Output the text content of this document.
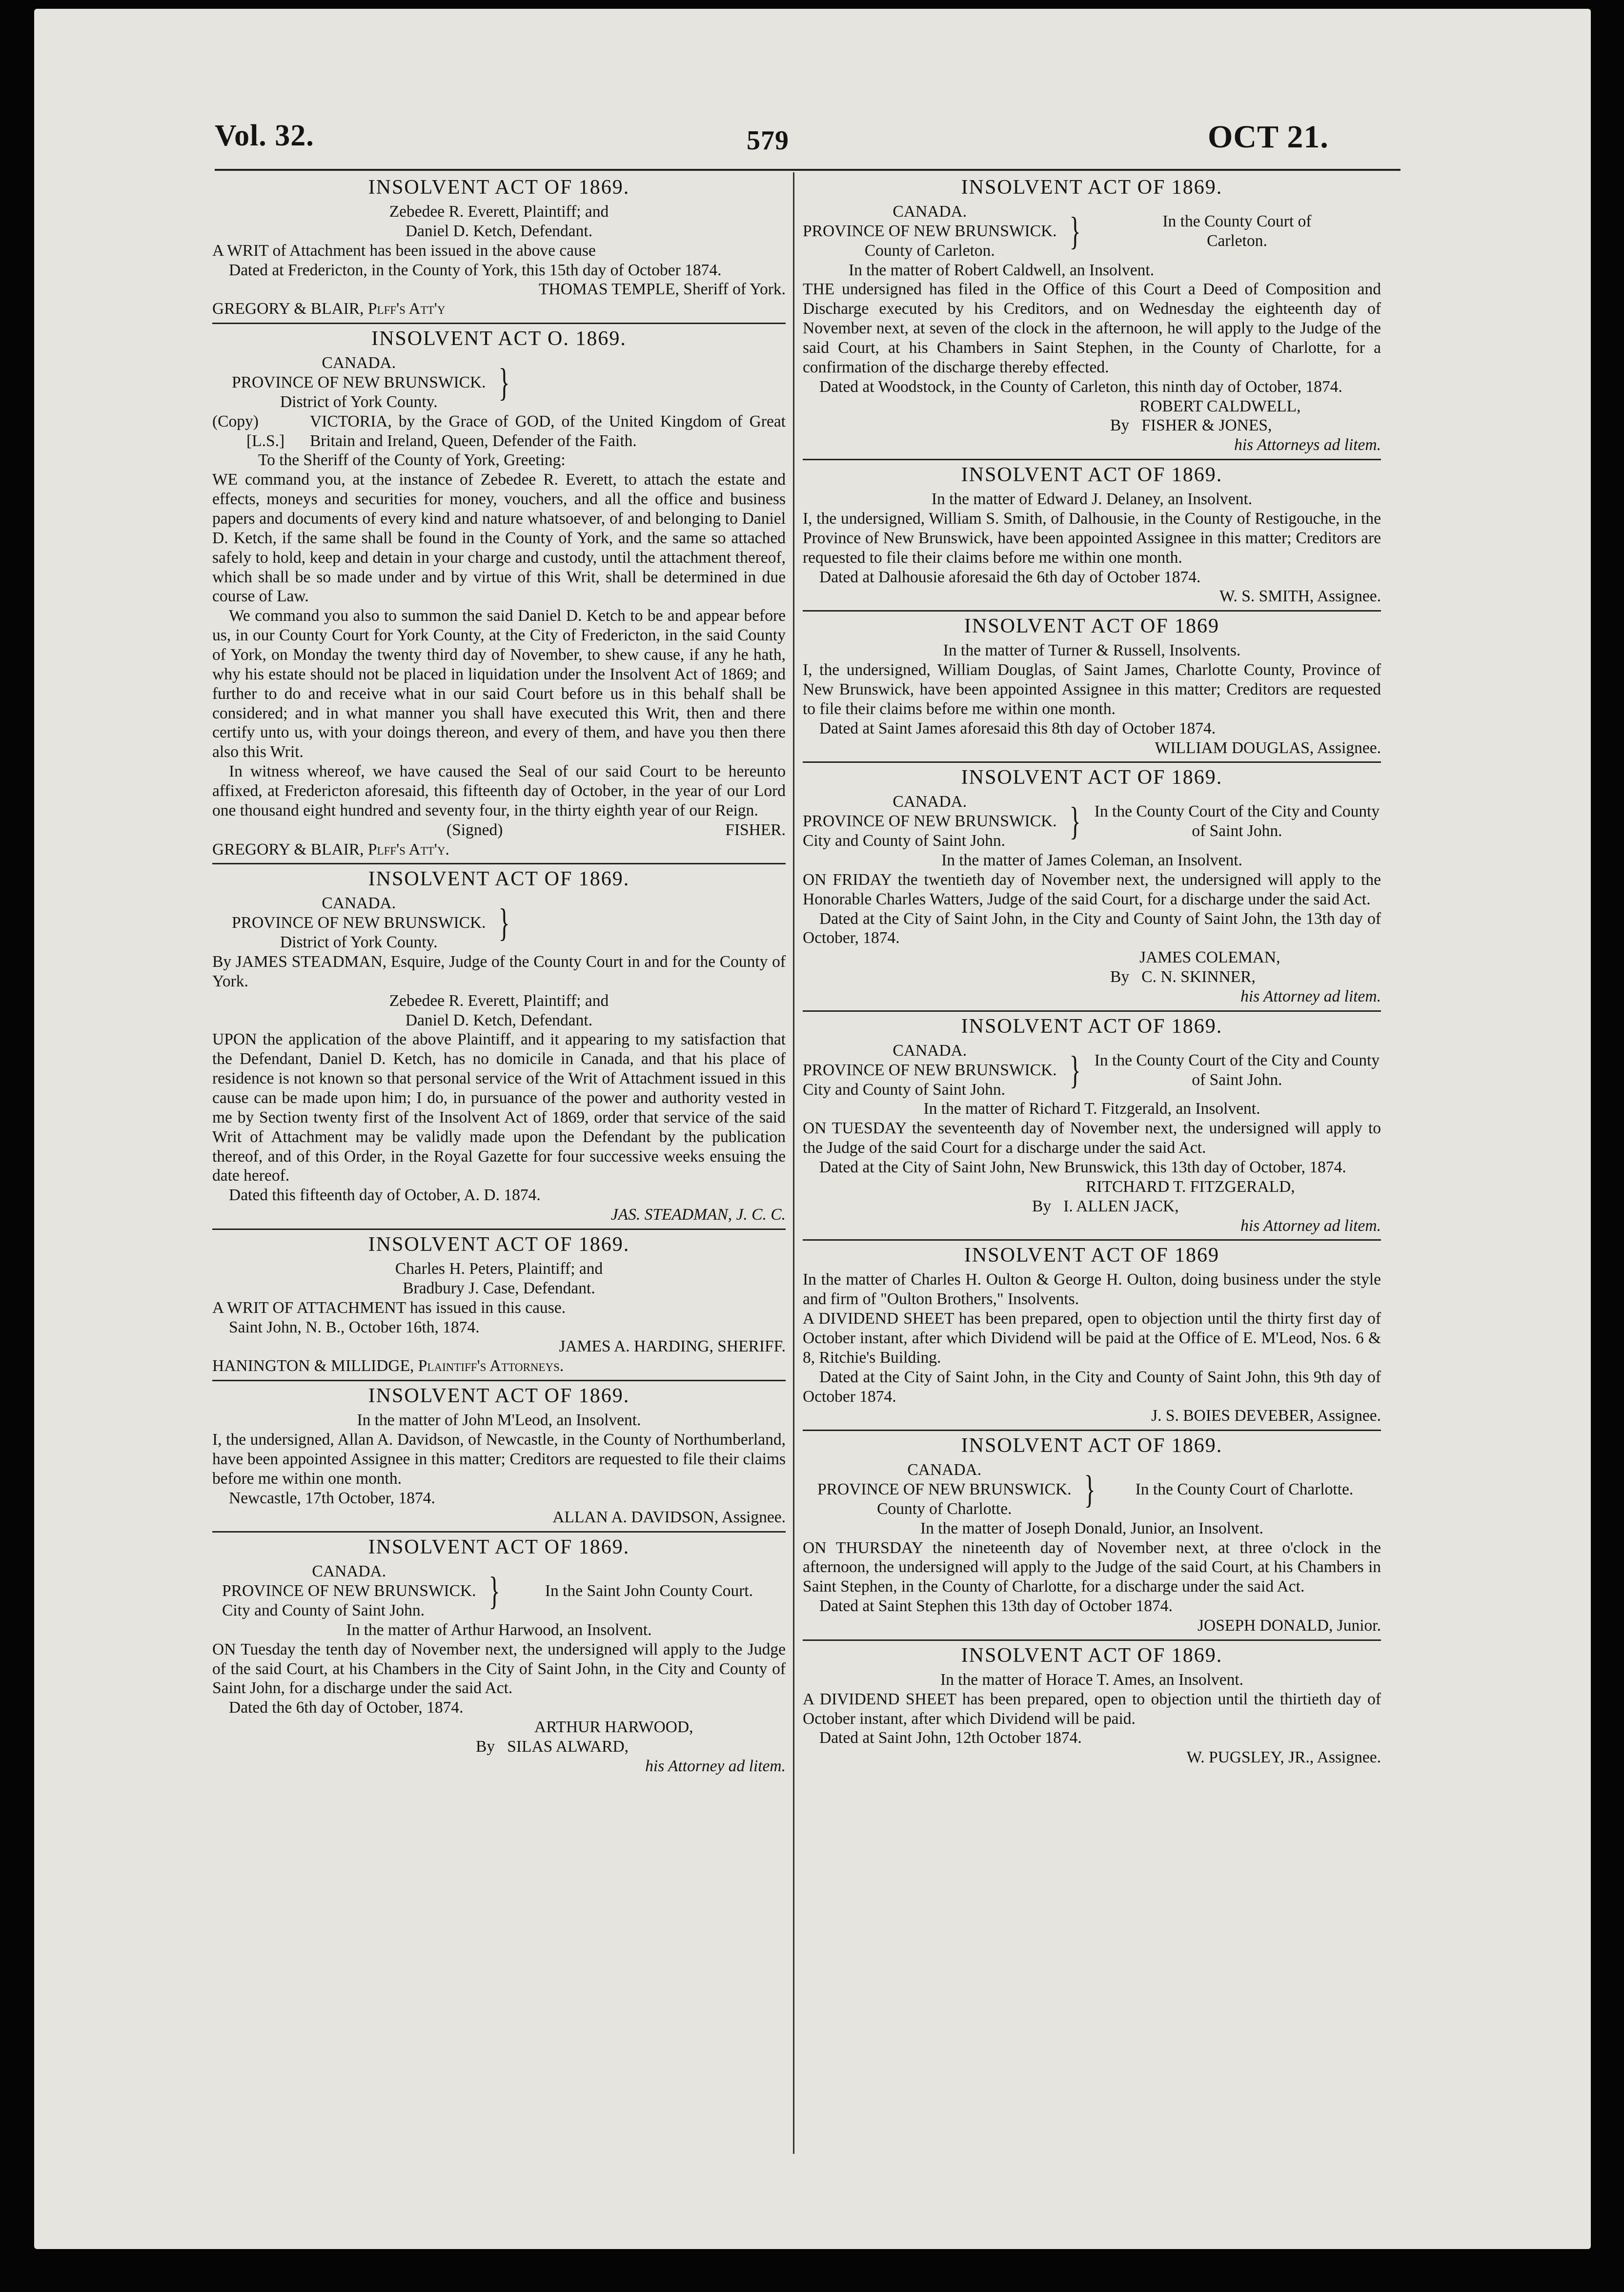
Vol. 32.	579	OCT 21.
INSOLVENT ACT OF 1869.
Zebedee R. Everett, Plaintiff; and
Daniel D. Ketch, Defendant.
A WRIT of Attachment has been issued in the above cause
Dated at Fredericton, in the County of York, this 15th day of October 1874.
THOMAS TEMPLE, Sheriff of York.
GREGORY & BLAIR, Plff's Att'y
INSOLVENT ACT O. 1869.
CANADA.
PROVINCE OF NEW BRUNSWICK.
District of York County.	}
(Copy)
[L.S.]
VICTORIA, by the Grace of GOD, of the United Kingdom of Great Britain and Ireland, Queen, Defender of the Faith.
To the Sheriff of the County of York, Greeting:
WE command you, at the instance of Zebedee R. Everett, to attach the estate and effects, moneys and securities for money, vouchers, and all the office and business papers and documents of every kind and nature whatsoever, of and belonging to Daniel D. Ketch, if the same shall be found in the County of York, and the same so attached safely to hold, keep and detain in your charge and custody, until the attachment thereof, which shall be so made under and by virtue of this Writ, shall be determined in due course of Law.
We command you also to summon the said Daniel D. Ketch to be and appear before us, in our County Court for York County, at the City of Fredericton, in the said County of York, on Monday the twenty third day of November, to shew cause, if any he hath, why his estate should not be placed in liquidation under the Insolvent Act of 1869; and further to do and receive what in our said Court before us in this behalf shall be considered; and in what manner you shall have executed this Writ, then and there certify unto us, with your doings thereon, and every of them, and have you then there also this Writ.
In witness whereof, we have caused the Seal of our said Court to be hereunto affixed, at Fredericton aforesaid, this fifteenth day of October, in the year of our Lord one thousand eight hundred and seventy four, in the thirty eighth year of our Reign.
(Signed)	FISHER.
GREGORY & BLAIR, Plff's Att'y.
INSOLVENT ACT OF 1869.
CANADA.
PROVINCE OF NEW BRUNSWICK.
District of York County.	}
By JAMES STEADMAN, Esquire, Judge of the County Court in and for the County of York.
Zebedee R. Everett, Plaintiff; and
Daniel D. Ketch, Defendant.
UPON the application of the above Plaintiff, and it appearing to my satisfaction that the Defendant, Daniel D. Ketch, has no domicile in Canada, and that his place of residence is not known so that personal service of the Writ of Attachment issued in this cause can be made upon him; I do, in pursuance of the power and authority vested in me by Section twenty first of the Insolvent Act of 1869, order that service of the said Writ of Attachment may be validly made upon the Defendant by the publication thereof, and of this Order, in the Royal Gazette for four successive weeks ensuing the date hereof.
Dated this fifteenth day of October, A. D. 1874.
JAS. STEADMAN, J. C. C.
INSOLVENT ACT OF 1869.
Charles H. Peters, Plaintiff; and
Bradbury J. Case, Defendant.
A WRIT OF ATTACHMENT has issued in this cause.
Saint John, N. B., October 16th, 1874.
JAMES A. HARDING, SHERIFF.
HANINGTON & MILLIDGE, Plaintiff's Attorneys.
INSOLVENT ACT OF 1869.
In the matter of John M'Leod, an Insolvent.
I, the undersigned, Allan A. Davidson, of Newcastle, in the County of Northumberland, have been appointed Assignee in this matter; Creditors are requested to file their claims before me within one month.
Newcastle, 17th October, 1874.
ALLAN A. DAVIDSON, Assignee.
INSOLVENT ACT OF 1869.
CANADA.
PROVINCE OF NEW BRUNSWICK.
City and County of Saint John.	}	In the Saint John County Court.
In the matter of Arthur Harwood, an Insolvent.
ON Tuesday the tenth day of November next, the undersigned will apply to the Judge of the said Court, at his Chambers in the City of Saint John, in the City and County of Saint John, for a discharge under the said Act.
Dated the 6th day of October, 1874.
ARTHUR HARWOOD,
By SILAS ALWARD,
his Attorney ad litem.
INSOLVENT ACT OF 1869.
CANADA.
PROVINCE OF NEW BRUNSWICK.
County of Carleton.	}	In the County Court of Carleton.
In the matter of Robert Caldwell, an Insolvent.
THE undersigned has filed in the Office of this Court a Deed of Composition and Discharge executed by his Creditors, and on Wednesday the eighteenth day of November next, at seven of the clock in the afternoon, he will apply to the Judge of the said Court, at his Chambers in Saint Stephen, in the County of Charlotte, for a confirmation of the discharge thereby effected.
Dated at Woodstock, in the County of Carleton, this ninth day of October, 1874.
ROBERT CALDWELL,
By FISHER & JONES,
his Attorneys ad litem.
INSOLVENT ACT OF 1869.
In the matter of Edward J. Delaney, an Insolvent.
I, the undersigned, William S. Smith, of Dalhousie, in the County of Restigouche, in the Province of New Brunswick, have been appointed Assignee in this matter; Creditors are requested to file their claims before me within one month.
Dated at Dalhousie aforesaid the 6th day of October 1874.
W. S. SMITH, Assignee.
INSOLVENT ACT OF 1869
In the matter of Turner & Russell, Insolvents.
I, the undersigned, William Douglas, of Saint James, Charlotte County, Province of New Brunswick, have been appointed Assignee in this matter; Creditors are requested to file their claims before me within one month.
Dated at Saint James aforesaid this 8th day of October 1874.
WILLIAM DOUGLAS, Assignee.
INSOLVENT ACT OF 1869.
CANADA.
PROVINCE OF NEW BRUNSWICK.
City and County of Saint John.	} In the County Court of the City and County of Saint John.
In the matter of James Coleman, an Insolvent.
ON FRIDAY the twentieth day of November next, the undersigned will apply to the Honorable Charles Watters, Judge of the said Court, for a discharge under the said Act.
Dated at the City of Saint John, in the City and County of Saint John, the 13th day of October, 1874.
JAMES COLEMAN,
By C. N. SKINNER,
his Attorney ad litem.
INSOLVENT ACT OF 1869.
CANADA.
PROVINCE OF NEW BRUNSWICK.
City and County of Saint John.	} In the County Court of the City and County of Saint John.
In the matter of Richard T. Fitzgerald, an Insolvent.
ON TUESDAY the seventeenth day of November next, the undersigned will apply to the Judge of the said Court for a discharge under the said Act.
Dated at the City of Saint John, New Brunswick, this 13th day of October, 1874.
RITCHARD T. FITZGERALD,
By I. ALLEN JACK,
his Attorney ad litem.
INSOLVENT ACT OF 1869
In the matter of Charles H. Oulton & George H. Oulton, doing business under the style and firm of "Oulton Brothers," Insolvents.
A DIVIDEND SHEET has been prepared, open to objection until the thirty first day of October instant, after which Dividend will be paid at the Office of E. M'Leod, Nos. 6 & 8, Ritchie's Building.
Dated at the City of Saint John, in the City and County of Saint John, this 9th day of October 1874.
J. S. BOIES DEVEBER, Assignee.
INSOLVENT ACT OF 1869.
CANADA.
PROVINCE OF NEW BRUNSWICK.
County of Charlotte.	}	In the County Court of Charlotte.
In the matter of Joseph Donald, Junior, an Insolvent.
ON THURSDAY the nineteenth day of November next, at three o'clock in the afternoon, the undersigned will apply to the Judge of the said Court, at his Chambers in Saint Stephen, in the County of Charlotte, for a discharge under the said Act.
Dated at Saint Stephen this 13th day of October 1874.
JOSEPH DONALD, Junior.
INSOLVENT ACT OF 1869.
In the matter of Horace T. Ames, an Insolvent.
A DIVIDEND SHEET has been prepared, open to objection until the thirtieth day of October instant, after which Dividend will be paid.
Dated at Saint John, 12th October 1874.
W. PUGSLEY, JR., Assignee.
